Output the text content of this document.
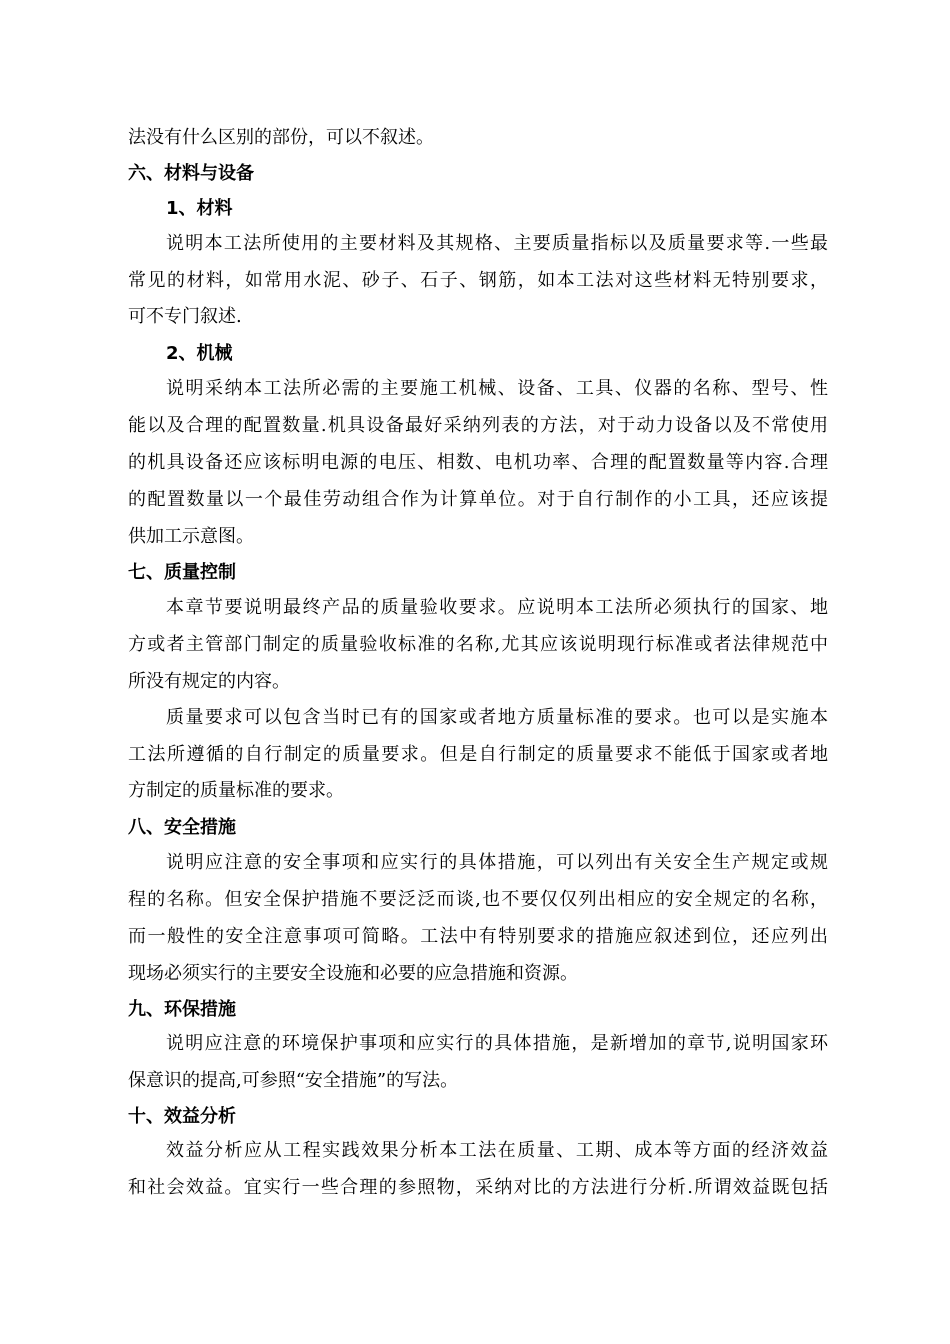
法没有什么区别的部份，可以不叙述。
六、材料与设备
1、材料
说明本工法所使用的主要材料及其规格、主要质量指标以及质量要求等.一些最
常见的材料，如常用水泥、砂子、石子、钢筋，如本工法对这些材料无特别要求，
可不专门叙述.
2、机械
说明采纳本工法所必需的主要施工机械、设备、工具、仪器的名称、型号、性
能以及合理的配置数量.机具设备最好采纳列表的方法，对于动力设备以及不常使用
的机具设备还应该标明电源的电压、相数、电机功率、合理的配置数量等内容.合理
的配置数量以一个最佳劳动组合作为计算单位。对于自行制作的小工具，还应该提
供加工示意图。
七、质量控制
本章节要说明最终产品的质量验收要求。应说明本工法所必须执行的国家、地
方或者主管部门制定的质量验收标准的名称,尤其应该说明现行标准或者法律规范中
所没有规定的内容。
质量要求可以包含当时已有的国家或者地方质量标准的要求。也可以是实施本
工法所遵循的自行制定的质量要求。但是自行制定的质量要求不能低于国家或者地
方制定的质量标准的要求。
八、安全措施
说明应注意的安全事项和应实行的具体措施，可以列出有关安全生产规定或规
程的名称。但安全保护措施不要泛泛而谈,也不要仅仅列出相应的安全规定的名称，
而一般性的安全注意事项可简略。工法中有特别要求的措施应叙述到位，还应列出
现场必须实行的主要安全设施和必要的应急措施和资源。
九、环保措施
说明应注意的环境保护事项和应实行的具体措施，是新增加的章节,说明国家环
保意识的提高,可参照“安全措施”的写法。
十、效益分析
效益分析应从工程实践效果分析本工法在质量、工期、成本等方面的经济效益
和社会效益。宜实行一些合理的参照物，采纳对比的方法进行分析.所谓效益既包括
